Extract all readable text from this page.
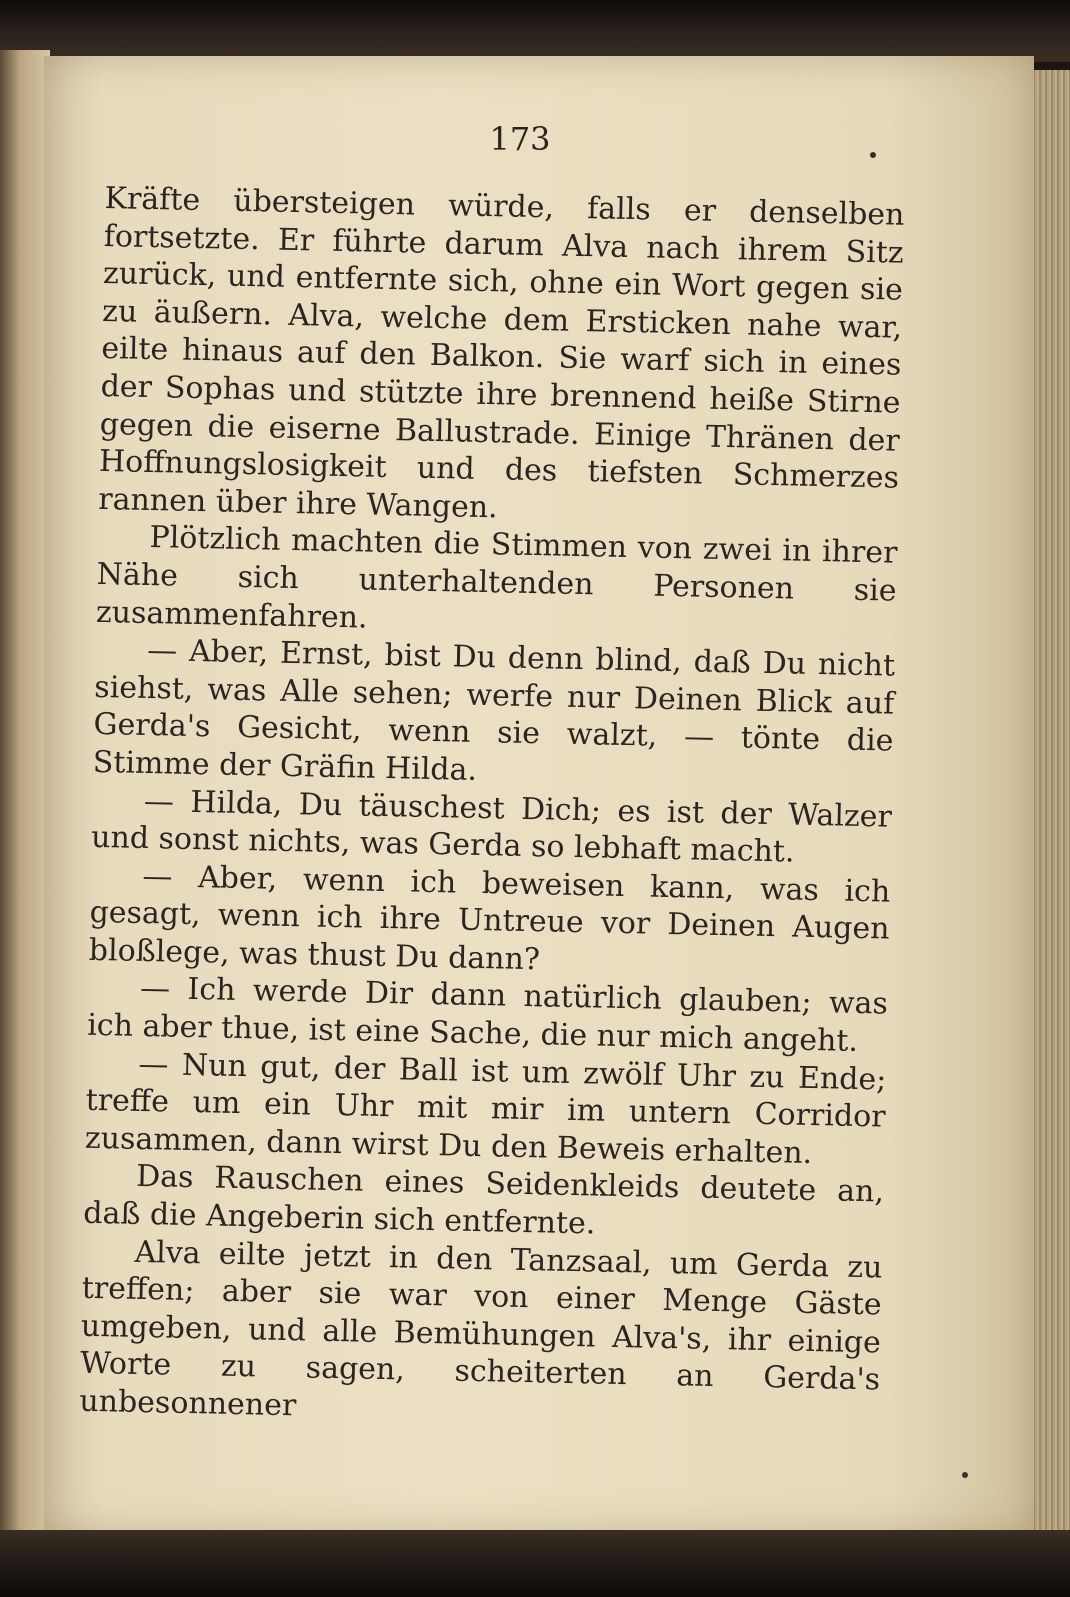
173

Kräfte übersteigen würde, falls er denselben fortsetzte. Er führte darum Alva nach ihrem Sitz zurück, und entfernte sich, ohne ein Wort gegen sie zu äußern. Alva, welche dem Ersticken nahe war, eilte hinaus auf den Balkon. Sie warf sich in eines der Sophas und stützte ihre brennend heiße Stirne gegen die eiserne Ballustrade. Einige Thränen der Hoffnungslosigkeit und des tiefsten Schmerzes rannen über ihre Wangen.

Plötzlich machten die Stimmen von zwei in ihrer Nähe sich unterhaltenden Personen sie zusammenfahren.

— Aber, Ernst, bist Du denn blind, daß Du nicht siehst, was Alle sehen; werfe nur Deinen Blick auf Gerda's Gesicht, wenn sie walzt, — tönte die Stimme der Gräfin Hilda.

— Hilda, Du täuschest Dich; es ist der Walzer und sonst nichts, was Gerda so lebhaft macht.

— Aber, wenn ich beweisen kann, was ich gesagt, wenn ich ihre Untreue vor Deinen Augen bloßlege, was thust Du dann?

— Ich werde Dir dann natürlich glauben; was ich aber thue, ist eine Sache, die nur mich angeht.

— Nun gut, der Ball ist um zwölf Uhr zu Ende; treffe um ein Uhr mit mir im untern Corridor zusammen, dann wirst Du den Beweis erhalten.

Das Rauschen eines Seidenkleids deutete an, daß die Angeberin sich entfernte.

Alva eilte jetzt in den Tanzsaal, um Gerda zu treffen; aber sie war von einer Menge Gäste umgeben, und alle Bemühungen Alva's, ihr einige Worte zu sagen, scheiterten an Gerda's unbesonnener
